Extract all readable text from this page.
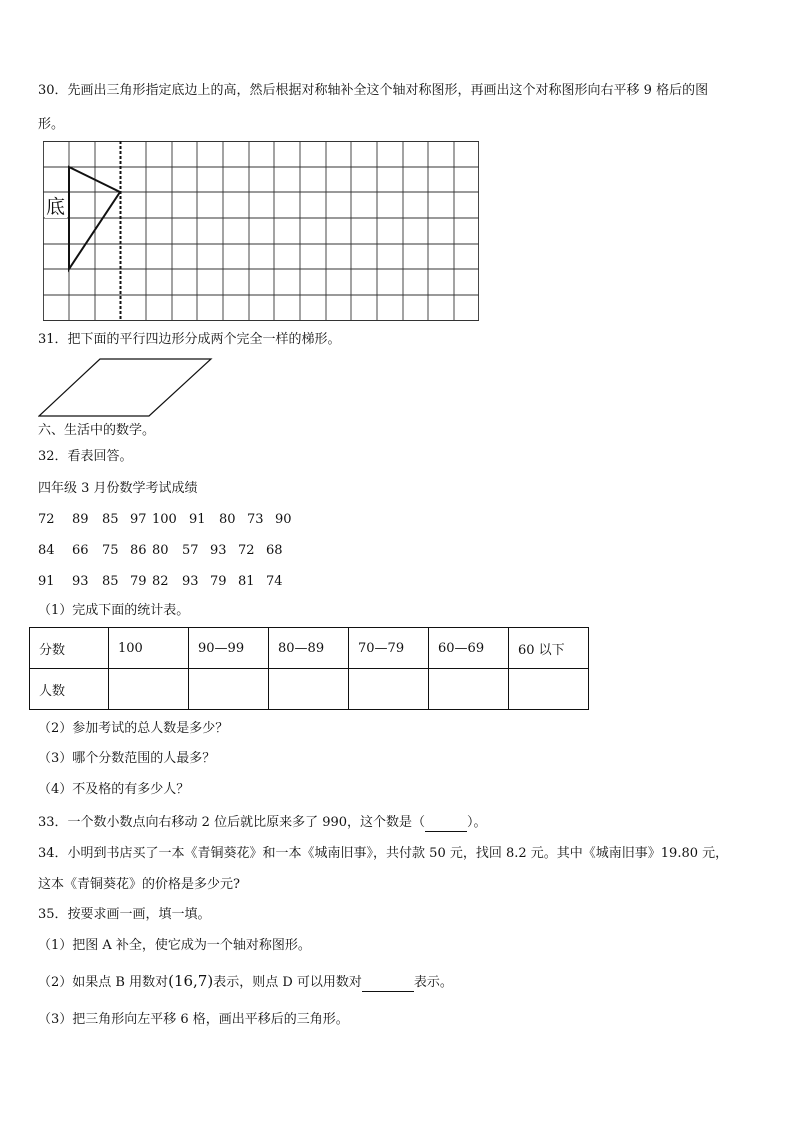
30．先画出三角形指定底边上的高，然后根据对称轴补全这个轴对称图形，再画出这个对称图形向右平移 9 格后的图
形。
底
31．把下面的平行四边形分成两个完全一样的梯形。
六、生活中的数学。
32．看表回答。
四年级 3 月份数学考试成绩
72 89 85 97 100 91 80 73 90
84 66 75 86 80 57 93 72 68
91 93 85 79 82 93 79 81 74
（1）完成下面的统计表。
分数	100	90—99	80—89	70—79	60—69	60 以下
人数						
（2）参加考试的总人数是多少？
（3）哪个分数范围的人最多？
（4）不及格的有多少人？
33．一个数小数点向右移动 2 位后就比原来多了 990，这个数是（	）。
34．小明到书店买了一本《青铜葵花》和一本《城南旧事》，共付款 50 元，找回 8.2 元。其中《城南旧事》19.80 元，
这本《青铜葵花》的价格是多少元?
35．按要求画一画，填一填。
（1）把图 A 补全，使它成为一个轴对称图形。
（2）如果点 B 用数对(16,7)表示，则点 D 可以用数对	表示。
（3）把三角形向左平移 6 格，画出平移后的三角形。
